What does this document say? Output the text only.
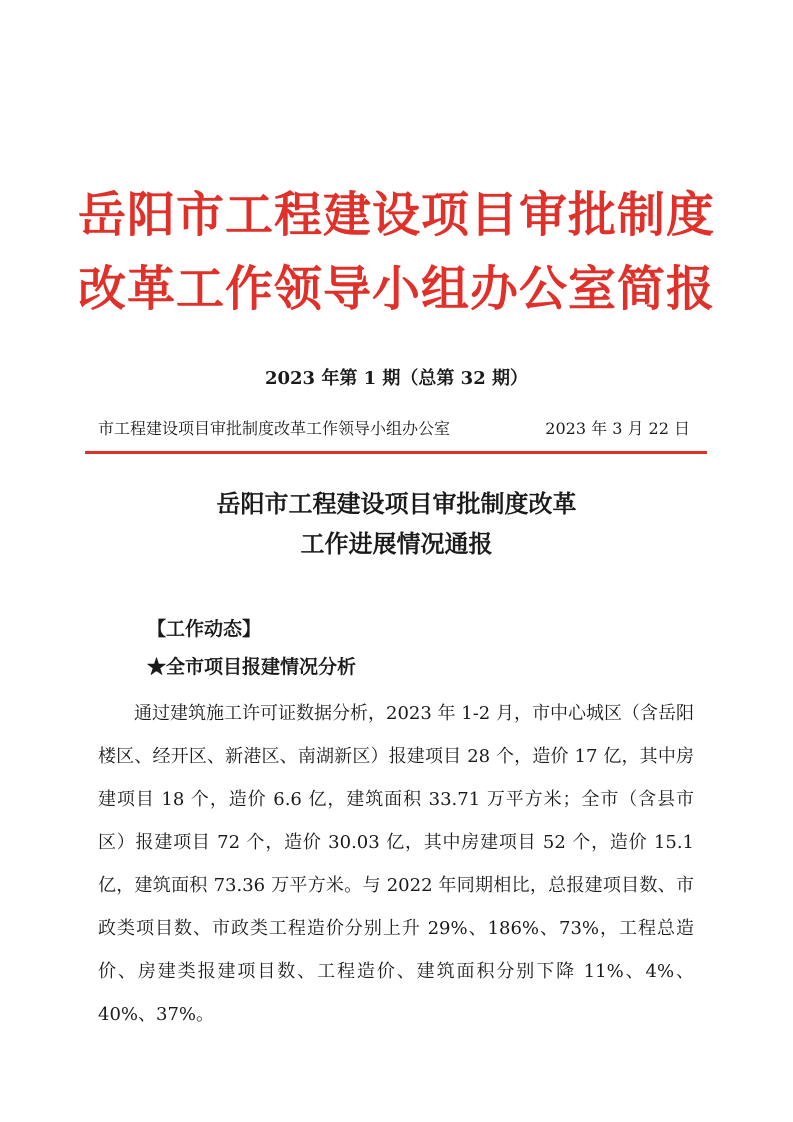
岳阳市工程建设项目审批制度
改革工作领导小组办公室简报
2023 年第 1 期（总第 32 期）
市工程建设项目审批制度改革工作领导小组办公室	2023 年 3 月 22 日
岳阳市工程建设项目审批制度改革
工作进展情况通报
【工作动态】
★全市项目报建情况分析

通过建筑施工许可证数据分析，2023 年 1-2 月，市中心城区（含岳阳楼区、经开区、新港区、南湖新区）报建项目 28 个，造价 17 亿，其中房建项目 18 个，造价 6.6 亿，建筑面积 33.71 万平方米；全市（含县市区）报建项目 72 个，造价 30.03 亿，其中房建项目 52 个，造价 15.1 亿，建筑面积 73.36 万平方米。与 2022 年同期相比，总报建项目数、市政类项目数、市政类工程造价分别上升 29%、186%、73%，工程总造价、房建类报建项目数、工程造价、建筑面积分别下降 11%、4%、40%、37%。
